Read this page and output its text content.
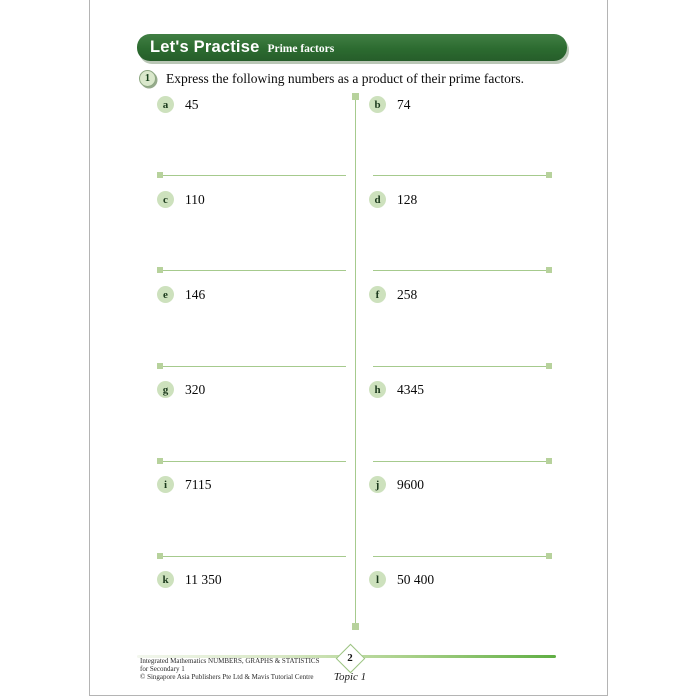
Let's Practise Prime factors
1	Express the following numbers as a product of their prime factors.
a	45	b	74
c	110	d	128
e	146	f	258
g	320	h	4345
i	7115	j	9600
k	11 350	l	50 400
2
Topic 1
Integrated Mathematics NUMBERS, GRAPHS & STATISTICS
for Secondary 1
© Singapore Asia Publishers Pte Ltd & Mavis Tutorial Centre
